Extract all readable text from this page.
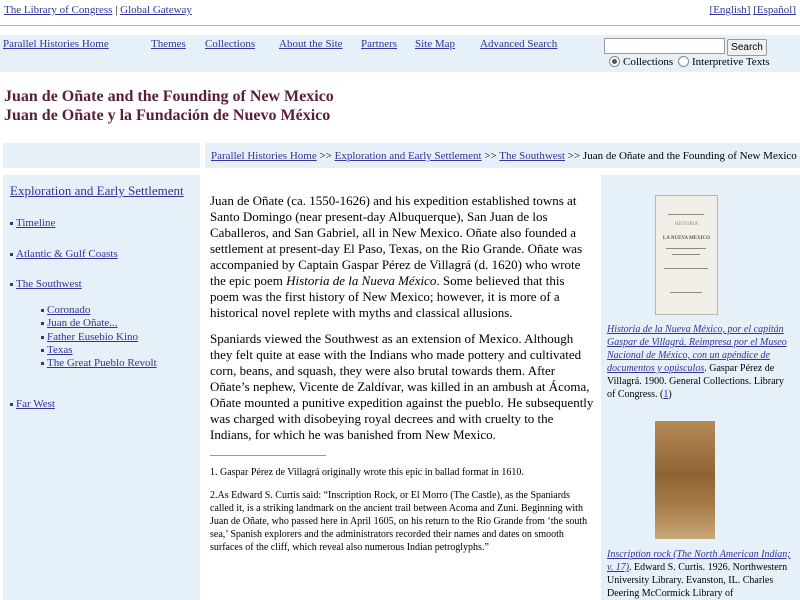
The Library of Congress | Global Gateway	[English] [Español]
Parallel Histories Home	Themes Collections About the Site Partners Site Map Advanced Search	Search
Collections Interpretive Texts
Juan de Oñate and the Founding of New Mexico
Juan de Oñate y la Fundación de Nuevo México
Parallel Histories Home >> Exploration and Early Settlement >> The Southwest >> Juan de Oñate and the Founding of New Mexico
Exploration and Early Settlement
Timeline
Atlantic & Gulf Coasts
The Southwest
Coronado
Juan de Oñate...
Father Eusebio Kino
Texas
The Great Pueblo Revolt
Far West

Juan de Oñate (ca. 1550-1626) and his expedition established towns at Santo Domingo (near present-day Albuquerque), San Juan de los Caballeros, and San Gabriel, all in New Mexico. Oñate also founded a settlement at present-day El Paso, Texas, on the Rio Grande. Oñate was accompanied by Captain Gaspar Pérez de Villagrá (d. 1620) who wrote the epic poem Historia de la Nueva México. Some believed that this poem was the first history of New Mexico; however, it is more of a historical novel replete with myths and classical allusions.

Spaniards viewed the Southwest as an extension of Mexico. Although they felt quite at ease with the Indians who made pottery and cultivated corn, beans, and squash, they were also brutal towards them. After Oñate’s nephew, Vicente de Zaldívar, was killed in an ambush at Ácoma, Oñate mounted a punitive expedition against the pueblo. He subsequently was charged with disobeying royal decrees and with cruelty to the Indians, for which he was banished from New Mexico.

1. Gaspar Pérez de Villagrá originally wrote this epic in ballad format in 1610.
2.As Edward S. Curtis said: “Inscription Rock, or El Morro (The Castle), as the Spaniards called it, is a striking landmark on the ancient trail between Acoma and Zuni. Beginning with Juan de Oñate, who passed here in April 1605, on his return to the Rio Grande from ‘the south sea,’ Spanish explorers and the administrators recorded their names and dates on smooth surfaces of the cliff, which reveal also numerous Indian petroglyphs.”
HISTORIA
LA NUEVA MEXICO
Historia de la Nueva México, por el capitán Gaspar de Villagrá. Reimpresa por el Museo Nacional de México, con un apéndice de documentos y opúsculos. Gaspar Pérez de Villagrá. 1900. General Collections. Library of Congress. (1)
Inscription rock (The North American Indian; v. 17). Edward S. Curtis. 1926. Northwestern University Library. Evanston, IL. Charles Deering McCormick Library of
